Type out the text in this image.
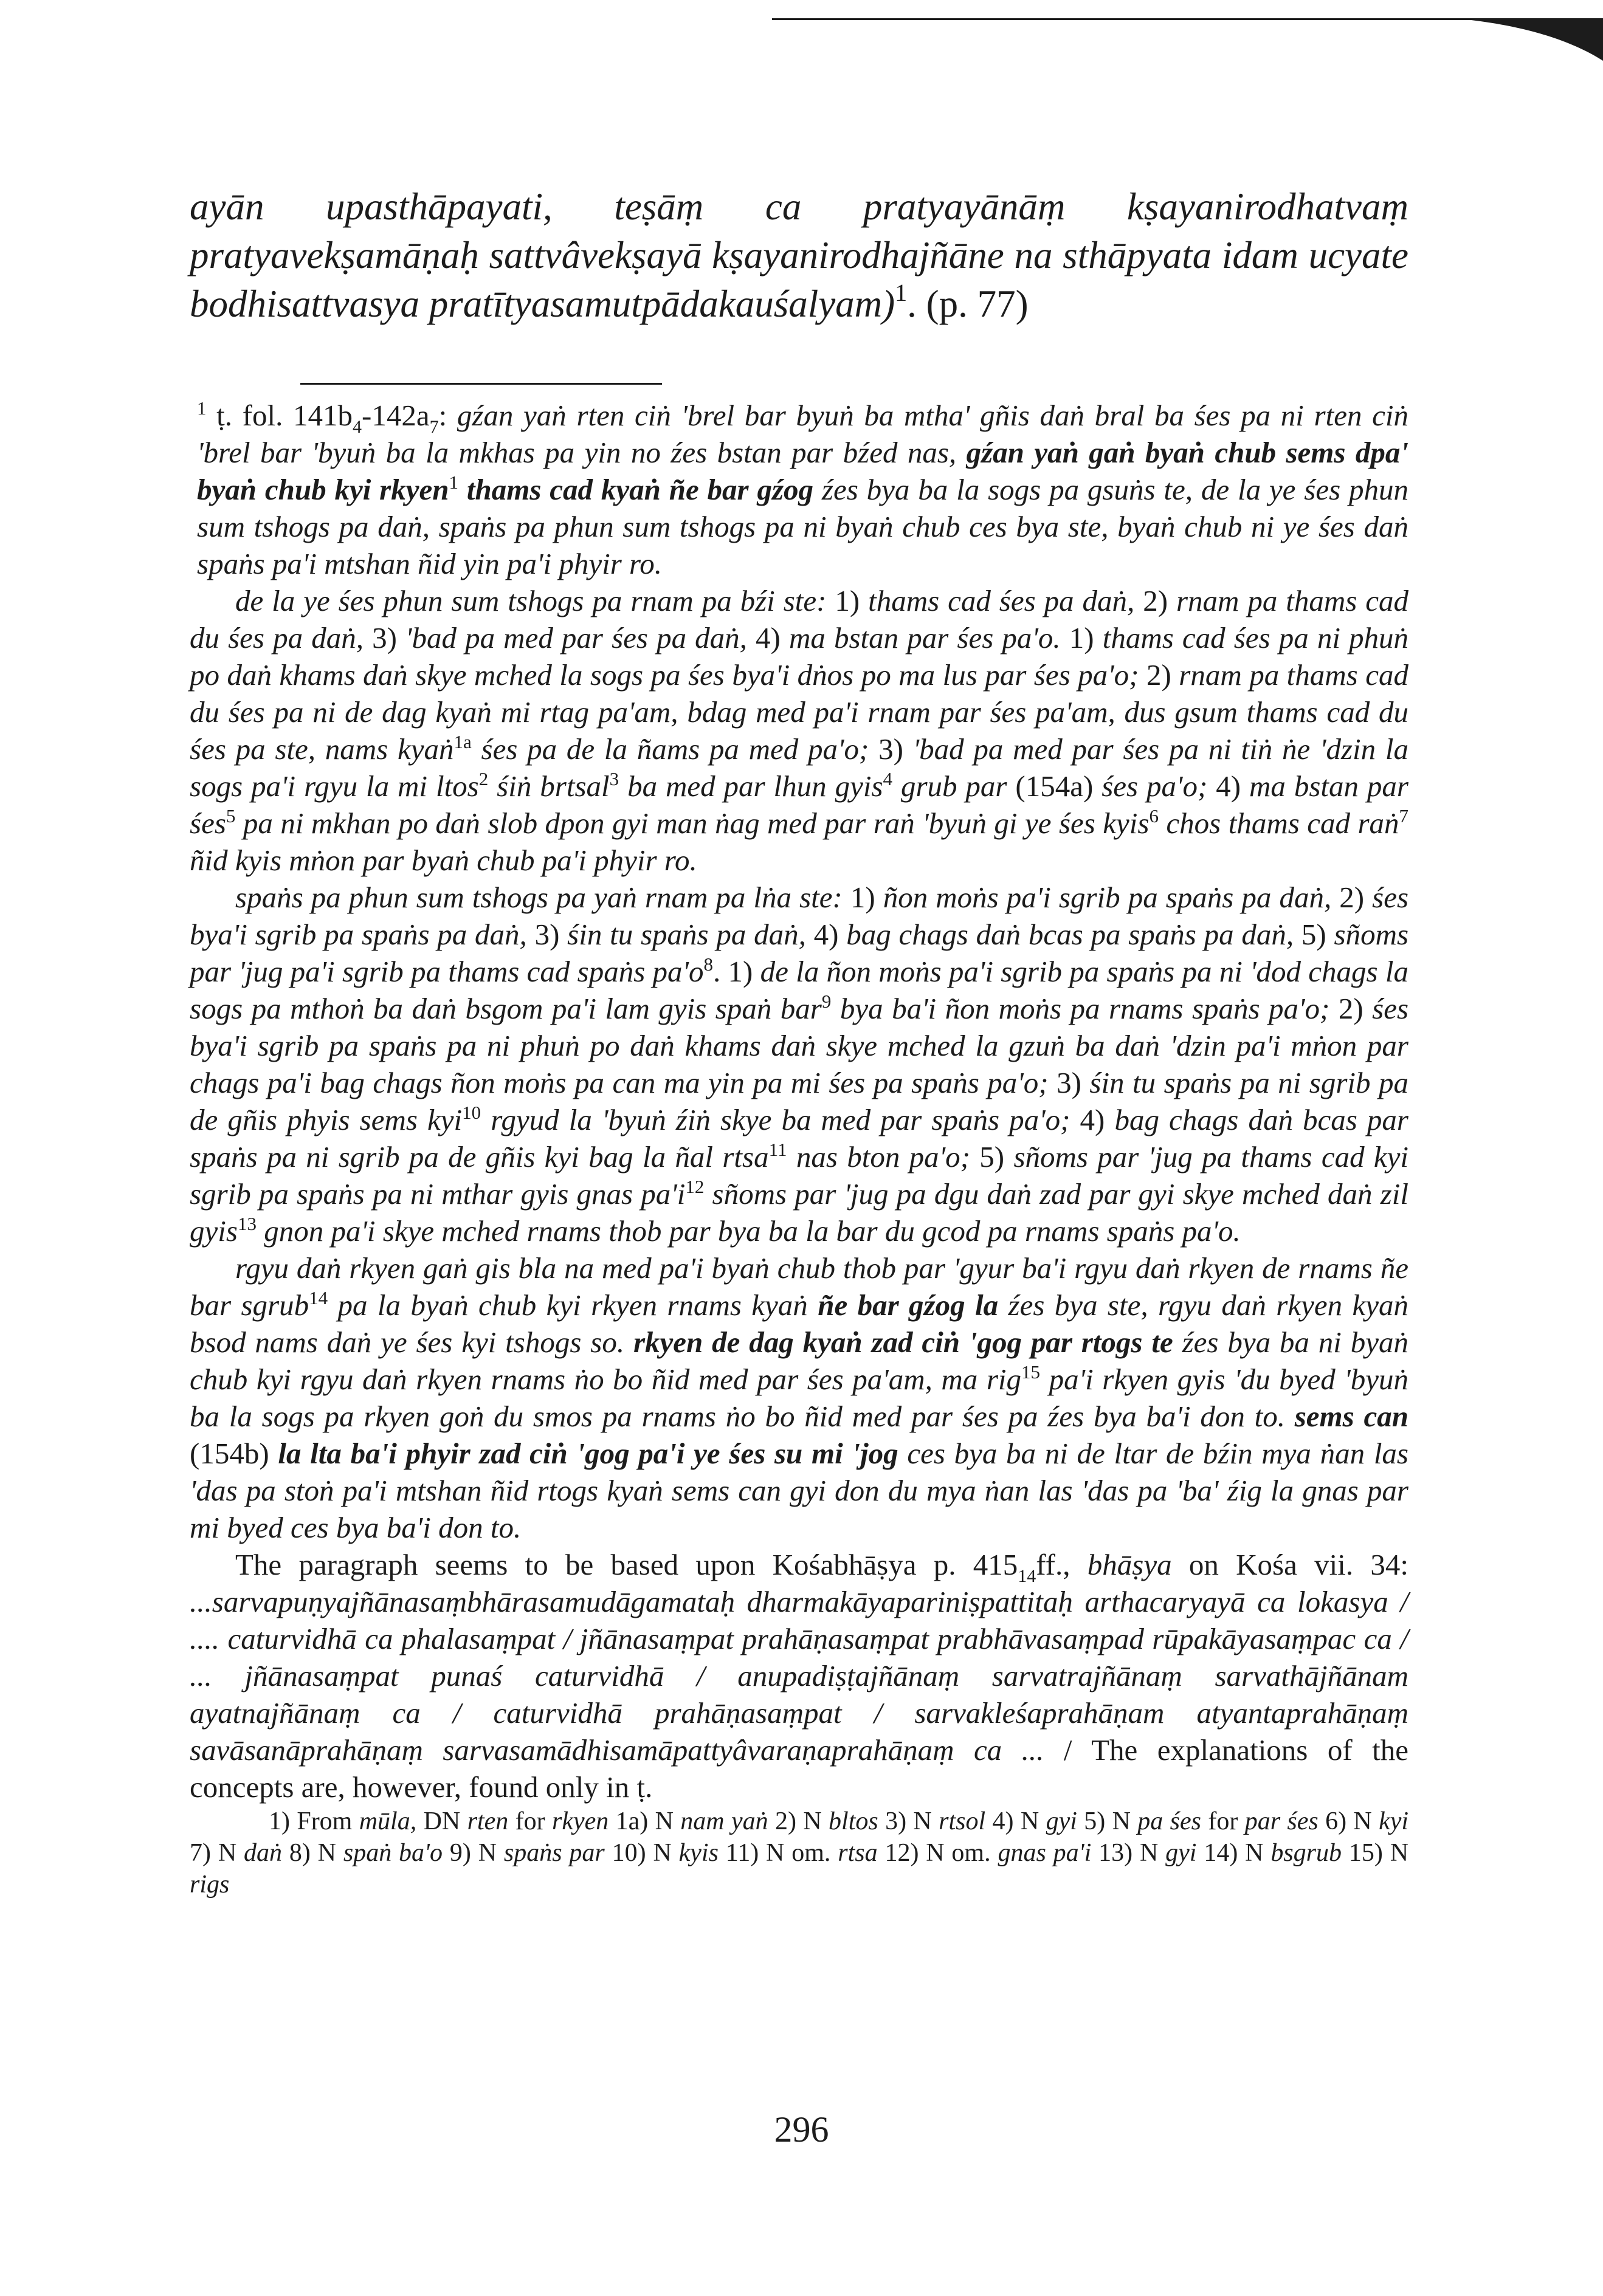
ayān upasthāpayati, teṣāṃ ca pratyayānāṃ kṣayanirodhatvaṃ pratyavekṣamāṇaḥ sattvâvekṣayā kṣayanirodhajñāne na sthāpyata idam ucyate bodhisattvasya pratītyasamutpādakauśalyam)$^1$. (p. 77)

$^1$ ṭ. fol. $141b_4-142a_7$: gźan yaṅ rten ciṅ 'brel bar byuṅ ba mtha' gñis daṅ bral ba śes pa ni rten ciṅ 'brel bar 'byuṅ ba la mkhas pa yin no źes bstan par bźed nas, gźan yaṅ gaṅ byaṅ chub sems dpa' byaṅ chub kyi rkyen$^1$ thams cad kyaṅ ñe bar gźog źes bya ba la sogs pa gsuṅs te, de la ye śes phun sum tshogs pa daṅ, spaṅs pa phun sum tshogs pa ni byaṅ chub ces bya ste, byaṅ chub ni ye śes daṅ spaṅs pa'i mtshan ñid yin pa'i phyir ro.

de la ye śes phun sum tshogs pa rnam pa bźi ste: 1) thams cad śes pa daṅ, 2) rnam pa thams cad du śes pa daṅ, 3) 'bad pa med par śes pa daṅ, 4) ma bstan par śes pa'o. 1) thams cad śes pa ni phuṅ po daṅ khams daṅ skye mched la sogs pa śes bya'i dṅos po ma lus par śes pa'o; 2) rnam pa thams cad du śes pa ni de dag kyaṅ mi rtag pa'am, bdag med pa'i rnam par śes pa'am, dus gsum thams cad du śes pa ste, nams kyaṅ$^{1a}$ śes pa de la ñams pa med pa'o; 3) 'bad pa med par śes pa ni tiṅ ṅe 'dzin la sogs pa'i rgyu la mi ltos$^2$ śiṅ brtsal$^3$ ba med par lhun gyis$^4$ grub par (154a) śes pa'o; 4) ma bstan par śes$^5$ pa ni mkhan po daṅ slob dpon gyi man ṅag med par raṅ 'byuṅ gi ye śes kyis$^6$ chos thams cad raṅ$^7$ ñid kyis mṅon par byaṅ chub pa'i phyir ro.

spaṅs pa phun sum tshogs pa yaṅ rnam pa lṅa ste: 1) ñon moṅs pa'i sgrib pa spaṅs pa daṅ, 2) śes bya'i sgrib pa spaṅs pa daṅ, 3) śin tu spaṅs pa daṅ, 4) bag chags daṅ bcas pa spaṅs pa daṅ, 5) sñoms par 'jug pa'i sgrib pa thams cad spaṅs pa'o$^8$. 1) de la ñon moṅs pa'i sgrib pa spaṅs pa ni 'dod chags la sogs pa mthoṅ ba daṅ bsgom pa'i lam gyis spaṅ bar$^9$ bya ba'i ñon moṅs pa rnams spaṅs pa'o; 2) śes bya'i sgrib pa spaṅs pa ni phuṅ po daṅ khams daṅ skye mched la gzuṅ ba daṅ 'dzin pa'i mṅon par chags pa'i bag chags ñon moṅs pa can ma yin pa mi śes pa spaṅs pa'o; 3) śin tu spaṅs pa ni sgrib pa de gñis phyis sems kyi$^{10}$ rgyud la 'byuṅ źiṅ skye ba med par spaṅs pa'o; 4) bag chags daṅ bcas par spaṅs pa ni sgrib pa de gñis kyi bag la ñal rtsa$^{11}$ nas bton pa'o; 5) sñoms par 'jug pa thams cad kyi sgrib pa spaṅs pa ni mthar gyis gnas pa'i$^{12}$ sñoms par 'jug pa dgu daṅ zad par gyi skye mched daṅ zil gyis$^{13}$ gnon pa'i skye mched rnams thob par bya ba la bar du gcod pa rnams spaṅs pa'o.

rgyu daṅ rkyen gaṅ gis bla na med pa'i byaṅ chub thob par 'gyur ba'i rgyu daṅ rkyen de rnams ñe bar sgrub$^{14}$ pa la byaṅ chub kyi rkyen rnams kyaṅ ñe bar gźog la źes bya ste, rgyu daṅ rkyen kyaṅ bsod nams daṅ ye śes kyi tshogs so. rkyen de dag kyaṅ zad ciṅ 'gog par rtogs te źes bya ba ni byaṅ chub kyi rgyu daṅ rkyen rnams ṅo bo ñid med par śes pa'am, ma rig$^{15}$ pa'i rkyen gyis 'du byed 'byuṅ ba la sogs pa rkyen goṅ du smos pa rnams ṅo bo ñid med par śes pa źes bya ba'i don to. sems can (154b) la lta ba'i phyir zad ciṅ 'gog pa'i ye śes su mi 'jog ces bya ba ni de ltar de bźin mya ṅan las 'das pa stoṅ pa'i mtshan ñid rtogs kyaṅ sems can gyi don du mya ṅan las 'das pa 'ba' źig la gnas par mi byed ces bya ba'i don to.

The paragraph seems to be based upon Kośabhāṣya p. $415_{14}ff$., bhāṣya on Kośa vii. 34: ...sarvapuṇyajñānasaṃbhārasamudāgamataḥ dharmakāyapariniṣpattitaḥ arthacaryayā ca lokasya / .... caturvidhā ca phalasaṃpat / jñānasaṃpat prahāṇasaṃpat prabhāvasaṃpad rūpakāyasaṃpac ca / ... jñānasaṃpat punaś caturvidhā / anupadiṣṭajñānaṃ sarvatrajñānaṃ sarvathājñānam ayatnajñānaṃ ca / caturvidhā prahāṇasaṃpat / sarvakleśaprahāṇam atyantaprahāṇaṃ savāsanāprahāṇaṃ sarvasamādhisamāpattyâvaraṇaprahāṇaṃ ca ... / The explanations of the concepts are, however, found only in ṭ.

1) From mūla, DN rten for rkyen 1a) N nam yaṅ 2) N bltos 3) N rtsol 4) N gyi 5) N pa śes for par śes 6) N kyi 7) N daṅ 8) N spaṅ ba'o 9) N spaṅs par 10) N kyis 11) N om. rtsa 12) N om. gnas pa'i 13) N gyi 14) N bsgrub 15) N rigs

296
